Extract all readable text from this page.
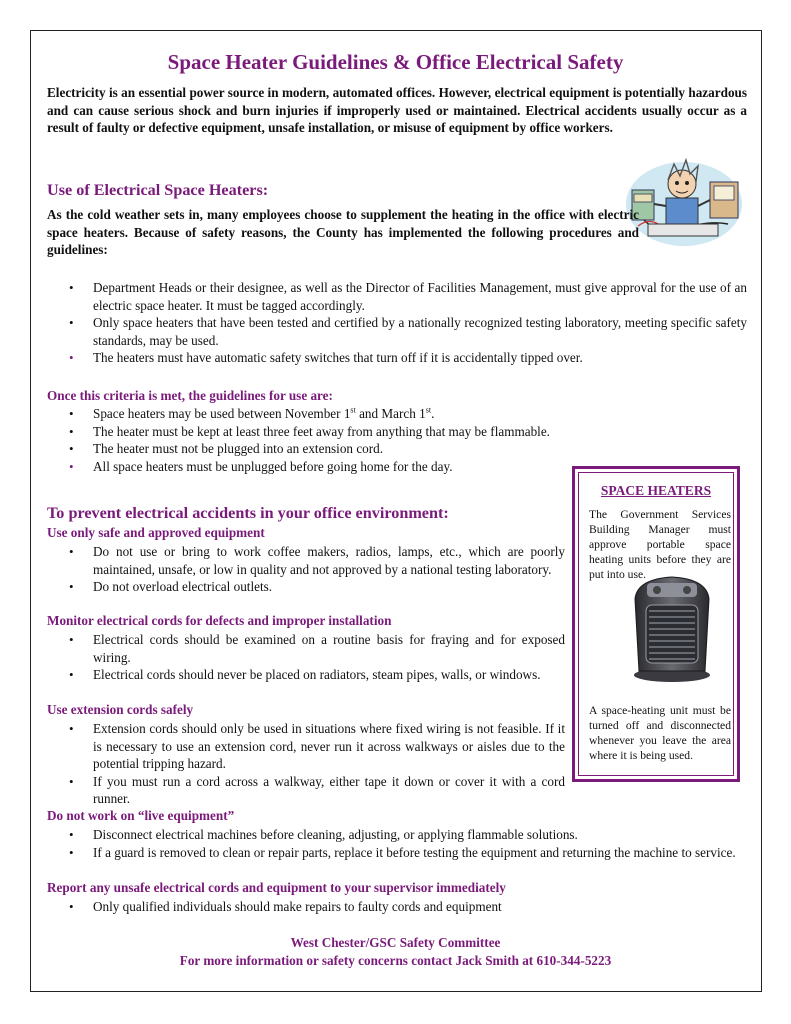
Space Heater Guidelines & Office Electrical Safety
Electricity is an essential power source in modern, automated offices. However, electrical equipment is potentially hazardous and can cause serious shock and burn injuries if improperly used or maintained. Electrical accidents usually occur as a result of faulty or defective equipment, unsafe installation, or misuse of equipment by office workers.
Use of Electrical Space Heaters:
As the cold weather sets in, many employees choose to supplement the heating in the office with electric space heaters. Because of safety reasons, the County has implemented the following procedures and guidelines:
• Department Heads or their designee, as well as the Director of Facilities Management, must give approval for the use of an electric space heater. It must be tagged accordingly.
• Only space heaters that have been tested and certified by a nationally recognized testing laboratory, meeting specific safety standards, may be used.
• The heaters must have automatic safety switches that turn off if it is accidentally tipped over.
Once this criteria is met, the guidelines for use are:
• Space heaters may be used between November 1st and March 1st.
• The heater must be kept at least three feet away from anything that may be flammable.
• The heater must not be plugged into an extension cord.
• All space heaters must be unplugged before going home for the day.
To prevent electrical accidents in your office environment:
Use only safe and approved equipment
• Do not use or bring to work coffee makers, radios, lamps, etc., which are poorly maintained, unsafe, or low in quality and not approved by a national testing laboratory.
• Do not overload electrical outlets.
Monitor electrical cords for defects and improper installation
• Electrical cords should be examined on a routine basis for fraying and for exposed wiring.
• Electrical cords should never be placed on radiators, steam pipes, walls, or windows.
Use extension cords safely
• Extension cords should only be used in situations where fixed wiring is not feasible. If it is necessary to use an extension cord, never run it across walkways or aisles due to the potential tripping hazard.
• If you must run a cord across a walkway, either tape it down or cover it with a cord runner.
Do not work on “live equipment”
• Disconnect electrical machines before cleaning, adjusting, or applying flammable solutions.
• If a guard is removed to clean or repair parts, replace it before testing the equipment and returning the machine to service.
Report any unsafe electrical cords and equipment to your supervisor immediately
• Only qualified individuals should make repairs to faulty cords and equipment
SPACE HEATERS
The Government Services Building Manager must approve portable space heating units before they are put into use.
A space-heating unit must be turned off and disconnected whenever you leave the area where it is being used.
West Chester/GSC Safety Committee
For more information or safety concerns contact Jack Smith at 610-344-5223
